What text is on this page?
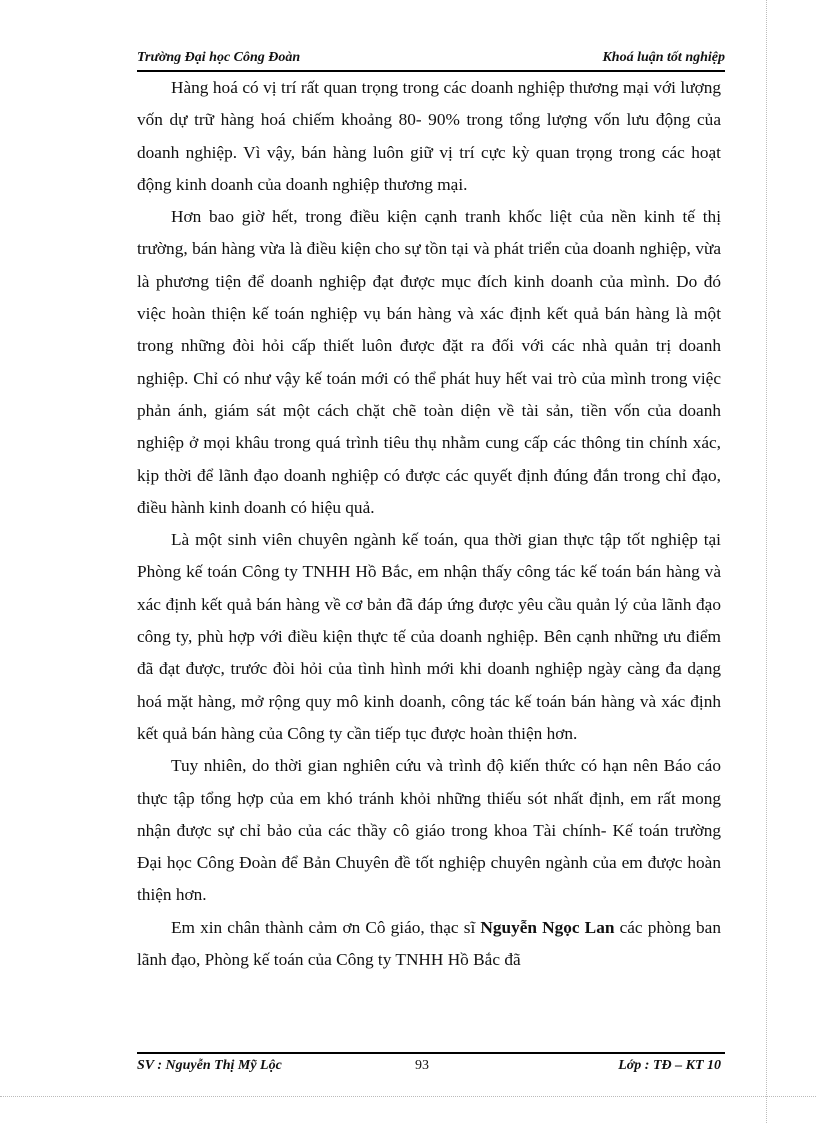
Trường Đại học Công Đoàn	Khoá luận tốt nghiệp

Hàng hoá có vị trí rất quan trọng trong các doanh nghiệp thương mại với lượng vốn dự trữ hàng hoá chiếm khoảng 80- 90% trong tổng lượng vốn lưu động của doanh nghiệp. Vì vậy, bán hàng luôn giữ vị trí cực kỳ quan trọng trong các hoạt động kinh doanh của doanh nghiệp thương mại.

Hơn bao giờ hết, trong điều kiện cạnh tranh khốc liệt của nền kinh tế thị trường, bán hàng vừa là điều kiện cho sự tồn tại và phát triển của doanh nghiệp, vừa là phương tiện để doanh nghiệp đạt được mục đích kinh doanh của mình. Do đó việc hoàn thiện kế toán nghiệp vụ bán hàng và xác định kết quả bán hàng là một trong những đòi hỏi cấp thiết luôn được đặt ra đối với các nhà quản trị doanh nghiệp. Chỉ có như vậy kế toán mới có thể phát huy hết vai trò của mình trong việc phản ánh, giám sát một cách chặt chẽ toàn diện về tài sản, tiền vốn của doanh nghiệp ở mọi khâu trong quá trình tiêu thụ nhằm cung cấp các thông tin chính xác, kịp thời để lãnh đạo doanh nghiệp có được các quyết định đúng đắn trong chỉ đạo, điều hành kinh doanh có hiệu quả.

Là một sinh viên chuyên ngành kế toán, qua thời gian thực tập tốt nghiệp tại Phòng kế toán Công ty TNHH Hồ Bắc, em nhận thấy công tác kế toán bán hàng và xác định kết quả bán hàng về cơ bản đã đáp ứng được yêu cầu quản lý của lãnh đạo công ty, phù hợp với điều kiện thực tế của doanh nghiệp. Bên cạnh những ưu điểm đã đạt được, trước đòi hỏi của tình hình mới khi doanh nghiệp ngày càng đa dạng hoá mặt hàng, mở rộng quy mô kinh doanh, công tác kế toán bán hàng và xác định kết quả bán hàng của Công ty cần tiếp tục được hoàn thiện hơn.

Tuy nhiên, do thời gian nghiên cứu và trình độ kiến thức có hạn nên Báo cáo thực tập tổng hợp của em khó tránh khỏi những thiếu sót nhất định, em rất mong nhận được sự chỉ bảo của các thầy cô giáo trong khoa Tài chính- Kế toán trường Đại học Công Đoàn để Bản Chuyên đề tốt nghiệp chuyên ngành của em được hoàn thiện hơn.

Em xin chân thành cảm ơn Cô giáo, thạc sĩ Nguyễn Ngọc Lan các phòng ban lãnh đạo, Phòng kế toán của Công ty TNHH Hồ Bắc đã

SV : Nguyễn Thị Mỹ Lộc	93	Lớp : TĐ – KT 10
